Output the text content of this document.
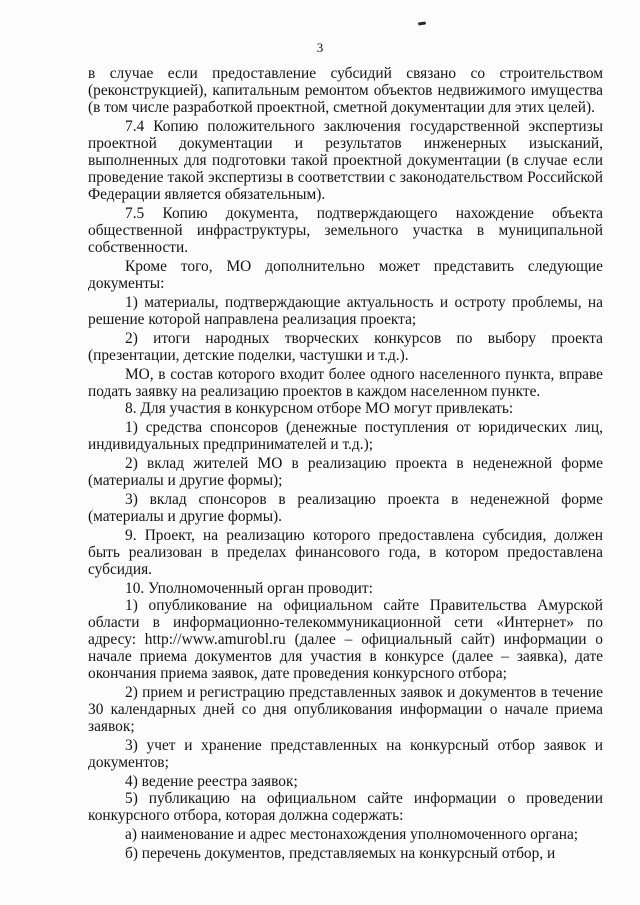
3

в случае если предоставление субсидий связано со строительством (реконструкцией), капитальным ремонтом объектов недвижимого имущества (в том числе разработкой проектной, сметной документации для этих целей).

7.4 Копию положительного заключения государственной экспертизы проектной документации и результатов инженерных изысканий, выполненных для подготовки такой проектной документации (в случае если проведение такой экспертизы в соответствии с законодательством Российской Федерации является обязательным).

7.5 Копию документа, подтверждающего нахождение объекта общественной инфраструктуры, земельного участка в муниципальной собственности.

Кроме того, МО дополнительно может представить следующие документы:

1) материалы, подтверждающие актуальность и остроту проблемы, на решение которой направлена реализация проекта;

2) итоги народных творческих конкурсов по выбору проекта (презентации, детские поделки, частушки и т.д.).

МО, в состав которого входит более одного населенного пункта, вправе подать заявку на реализацию проектов в каждом населенном пункте.

8. Для участия в конкурсном отборе МО могут привлекать:

1) средства спонсоров (денежные поступления от юридических лиц, индивидуальных предпринимателей и т.д.);

2) вклад жителей МО в реализацию проекта в неденежной форме (материалы и другие формы);

3) вклад спонсоров в реализацию проекта в неденежной форме (материалы и другие формы).

9. Проект, на реализацию которого предоставлена субсидия, должен быть реализован в пределах финансового года, в котором предоставлена субсидия.

10. Уполномоченный орган проводит:

1) опубликование на официальном сайте Правительства Амурской области в информационно-телекоммуникационной сети «Интернет» по адресу: http://www.amurobl.ru (далее – официальный сайт) информации о начале приема документов для участия в конкурсе (далее – заявка), дате окончания приема заявок, дате проведения конкурсного отбора;

2) прием и регистрацию представленных заявок и документов в течение 30 календарных дней со дня опубликования информации о начале приема заявок;

3) учет и хранение представленных на конкурсный отбор заявок и документов;

4) ведение реестра заявок;

5) публикацию на официальном сайте информации о проведении конкурсного отбора, которая должна содержать:

а) наименование и адрес местонахождения уполномоченного органа;

б) перечень документов, представляемых на конкурсный отбор, и
